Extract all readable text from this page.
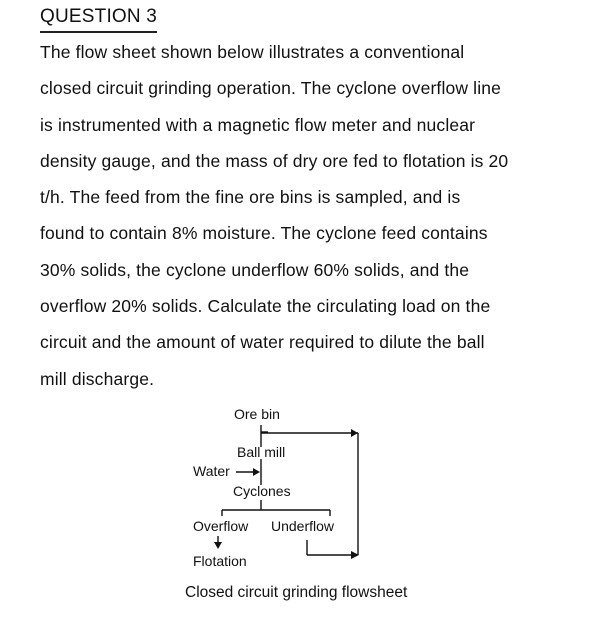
QUESTION 3

The flow sheet shown below illustrates a conventional
closed circuit grinding operation. The cyclone overflow line
is instrumented with a magnetic flow meter and nuclear
density gauge, and the mass of dry ore fed to flotation is 20
t/h. The feed from the fine ore bins is sampled, and is
found to contain 8% moisture. The cyclone feed contains
30% solids, the cyclone underflow 60% solids, and the
overflow 20% solids. Calculate the circulating load on the
circuit and the amount of water required to dilute the ball
mill discharge.

Ore bin
Ball mill
Water
Cyclones
Overflow Underflow
Flotation
Closed circuit grinding flowsheet
